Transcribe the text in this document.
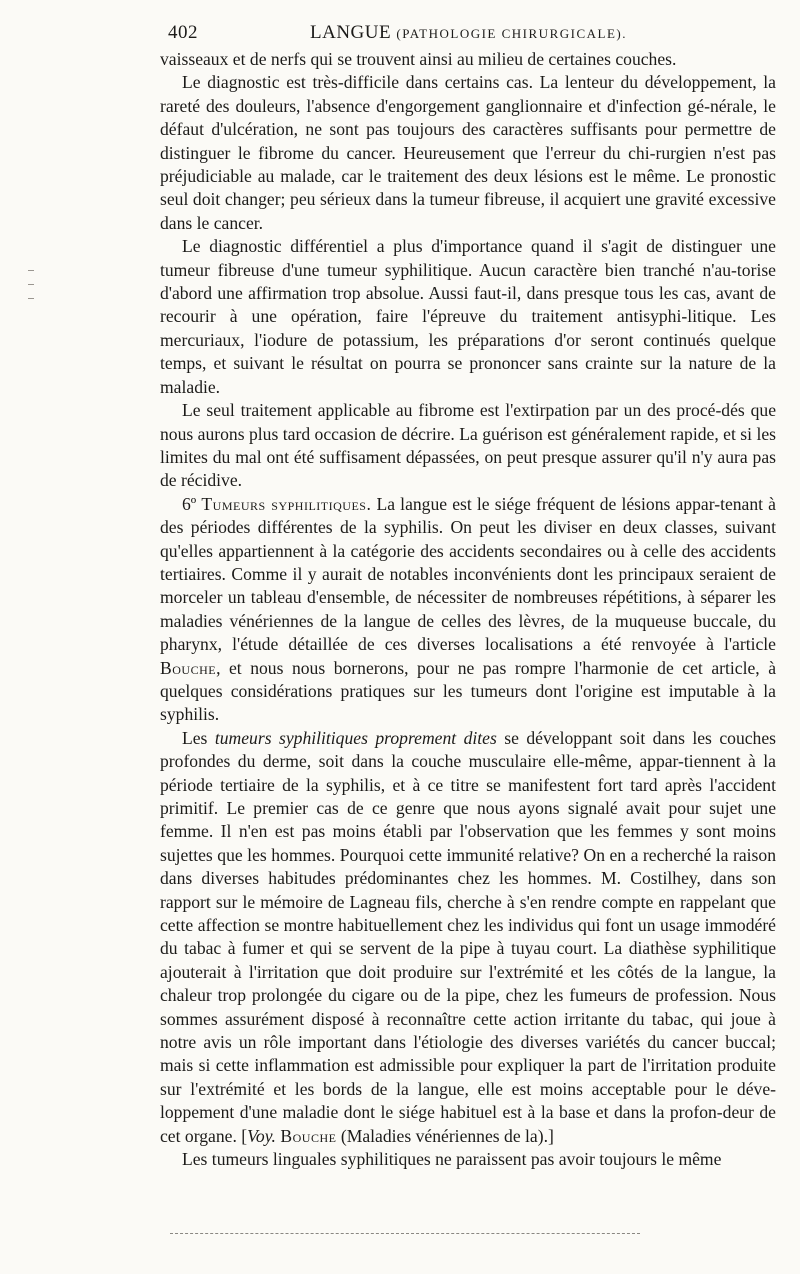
402	LANGUE (PATHOLOGIE CHIRURGICALE).

vaisseaux et de nerfs qui se trouvent ainsi au milieu de certaines couches.

Le diagnostic est très-difficile dans certains cas. La lenteur du développement, la rareté des douleurs, l'absence d'engorgement ganglionnaire et d'infection gé-nérale, le défaut d'ulcération, ne sont pas toujours des caractères suffisants pour permettre de distinguer le fibrome du cancer. Heureusement que l'erreur du chi-rurgien n'est pas préjudiciable au malade, car le traitement des deux lésions est le même. Le pronostic seul doit changer; peu sérieux dans la tumeur fibreuse, il acquiert une gravité excessive dans le cancer.

Le diagnostic différentiel a plus d'importance quand il s'agit de distinguer une tumeur fibreuse d'une tumeur syphilitique. Aucun caractère bien tranché n'au-torise d'abord une affirmation trop absolue. Aussi faut-il, dans presque tous les cas, avant de recourir à une opération, faire l'épreuve du traitement antisyphi-litique. Les mercuriaux, l'iodure de potassium, les préparations d'or seront continués quelque temps, et suivant le résultat on pourra se prononcer sans crainte sur la nature de la maladie.

Le seul traitement applicable au fibrome est l'extirpation par un des procé-dés que nous aurons plus tard occasion de décrire. La guérison est généralement rapide, et si les limites du mal ont été suffisament dépassées, on peut presque assurer qu'il n'y aura pas de récidive.

6º Tumeurs syphilitiques. La langue est le siége fréquent de lésions appar-tenant à des périodes différentes de la syphilis. On peut les diviser en deux classes, suivant qu'elles appartiennent à la catégorie des accidents secondaires ou à celle des accidents tertiaires. Comme il y aurait de notables inconvénients dont les principaux seraient de morceler un tableau d'ensemble, de nécessiter de nombreuses répétitions, à séparer les maladies vénériennes de la langue de celles des lèvres, de la muqueuse buccale, du pharynx, l'étude détaillée de ces diverses localisations a été renvoyée à l'article Bouche, et nous nous bornerons, pour ne pas rompre l'harmonie de cet article, à quelques considérations pratiques sur les tumeurs dont l'origine est imputable à la syphilis.

Les tumeurs syphilitiques proprement dites se développant soit dans les couches profondes du derme, soit dans la couche musculaire elle-même, appar-tiennent à la période tertiaire de la syphilis, et à ce titre se manifestent fort tard après l'accident primitif. Le premier cas de ce genre que nous ayons signalé avait pour sujet une femme. Il n'en est pas moins établi par l'observation que les femmes y sont moins sujettes que les hommes. Pourquoi cette immunité relative? On en a recherché la raison dans diverses habitudes prédominantes chez les hommes. M. Costilhey, dans son rapport sur le mémoire de Lagneau fils, cherche à s'en rendre compte en rappelant que cette affection se montre habituellement chez les individus qui font un usage immodéré du tabac à fumer et qui se servent de la pipe à tuyau court. La diathèse syphilitique ajouterait à l'irritation que doit produire sur l'extrémité et les côtés de la langue, la chaleur trop prolongée du cigare ou de la pipe, chez les fumeurs de profession. Nous sommes assurément disposé à reconnaître cette action irritante du tabac, qui joue à notre avis un rôle important dans l'étiologie des diverses variétés du cancer buccal; mais si cette inflammation est admissible pour expliquer la part de l'irritation produite sur l'extrémité et les bords de la langue, elle est moins acceptable pour le déve-loppement d'une maladie dont le siége habituel est à la base et dans la profon-deur de cet organe. [Voy. Bouche (Maladies vénériennes de la).]

Les tumeurs linguales syphilitiques ne paraissent pas avoir toujours le même
